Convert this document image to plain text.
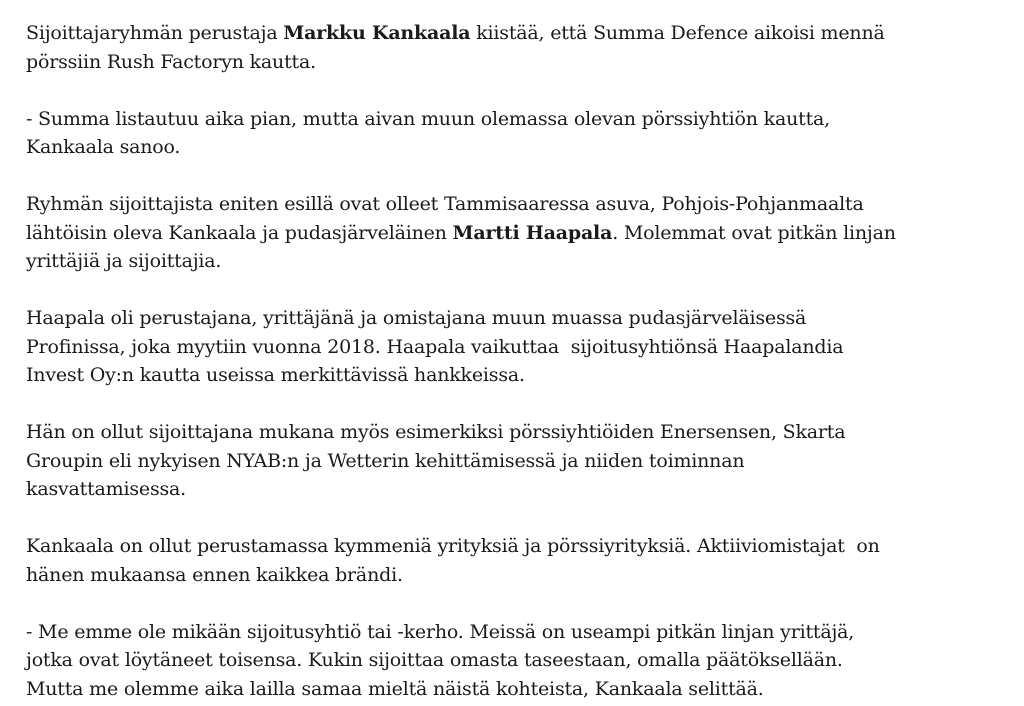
Sijoittajaryhmän perustaja Markku Kankaala kiistää, että Summa Defence aikoisi mennä
pörssiin Rush Factoryn kautta.

- Summa listautuu aika pian, mutta aivan muun olemassa olevan pörssiyhtiön kautta,
Kankaala sanoo.

Ryhmän sijoittajista eniten esillä ovat olleet Tammisaaressa asuva, Pohjois-Pohjanmaalta
lähtöisin oleva Kankaala ja pudasjärveläinen Martti Haapala. Molemmat ovat pitkän linjan
yrittäjiä ja sijoittajia.

Haapala oli perustajana, yrittäjänä ja omistajana muun muassa pudasjärveläisessä
Profinissa, joka myytiin vuonna 2018. Haapala vaikuttaa  sijoitusyhtiönsä Haapalandia
Invest Oy:n kautta useissa merkittävissä hankkeissa.

Hän on ollut sijoittajana mukana myös esimerkiksi pörssiyhtiöiden Enersensen, Skarta
Groupin eli nykyisen NYAB:n ja Wetterin kehittämisessä ja niiden toiminnan
kasvattamisessa.

Kankaala on ollut perustamassa kymmeniä yrityksiä ja pörssiyrityksiä. Aktiiviomistajat  on
hänen mukaansa ennen kaikkea brändi.

- Me emme ole mikään sijoitusyhtiö tai -kerho. Meissä on useampi pitkän linjan yrittäjä,
jotka ovat löytäneet toisensa. Kukin sijoittaa omasta taseestaan, omalla päätöksellään.
Mutta me olemme aika lailla samaa mieltä näistä kohteista, Kankaala selittää.
